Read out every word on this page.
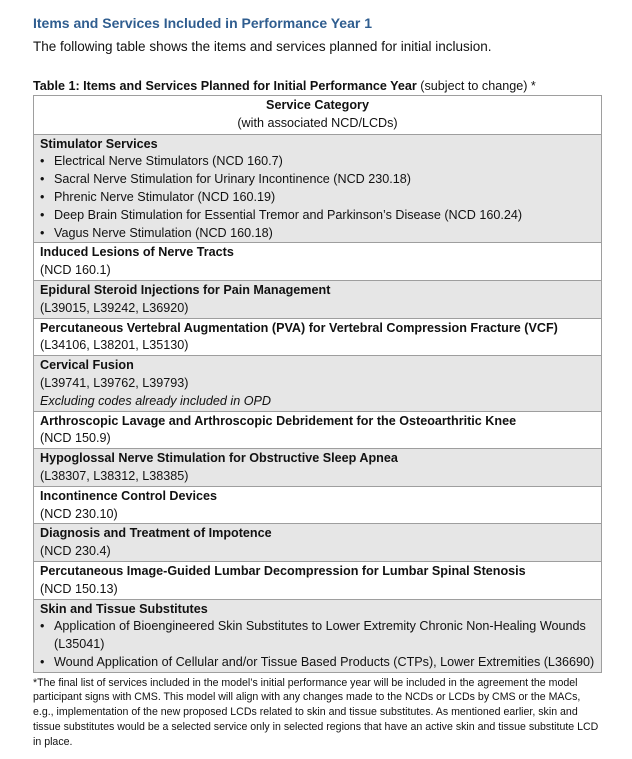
Items and Services Included in Performance Year 1

The following table shows the items and services planned for initial inclusion.

Table 1: Items and Services Planned for Initial Performance Year (subject to change) *

Service Category
(with associated NCD/LCDs)

Stimulator Services
• Electrical Nerve Stimulators (NCD 160.7)
• Sacral Nerve Stimulation for Urinary Incontinence (NCD 230.18)
• Phrenic Nerve Stimulator (NCD 160.19)
• Deep Brain Stimulation for Essential Tremor and Parkinson’s Disease (NCD 160.24)
• Vagus Nerve Stimulation (NCD 160.18)

Induced Lesions of Nerve Tracts
(NCD 160.1)

Epidural Steroid Injections for Pain Management
(L39015, L39242, L36920)

Percutaneous Vertebral Augmentation (PVA) for Vertebral Compression Fracture (VCF)
(L34106, L38201, L35130)

Cervical Fusion
(L39741, L39762, L39793)
Excluding codes already included in OPD

Arthroscopic Lavage and Arthroscopic Debridement for the Osteoarthritic Knee
(NCD 150.9)

Hypoglossal Nerve Stimulation for Obstructive Sleep Apnea
(L38307, L38312, L38385)

Incontinence Control Devices
(NCD 230.10)

Diagnosis and Treatment of Impotence
(NCD 230.4)

Percutaneous Image-Guided Lumbar Decompression for Lumbar Spinal Stenosis
(NCD 150.13)

Skin and Tissue Substitutes
• Application of Bioengineered Skin Substitutes to Lower Extremity Chronic Non-Healing Wounds (L35041)
• Wound Application of Cellular and/or Tissue Based Products (CTPs), Lower Extremities (L36690)

*The final list of services included in the model’s initial performance year will be included in the agreement the model participant signs with CMS. This model will align with any changes made to the NCDs or LCDs by CMS or the MACs, e.g., implementation of the new proposed LCDs related to skin and tissue substitutes. As mentioned earlier, skin and tissue substitutes would be a selected service only in selected regions that have an active skin and tissue substitute LCD in place.
